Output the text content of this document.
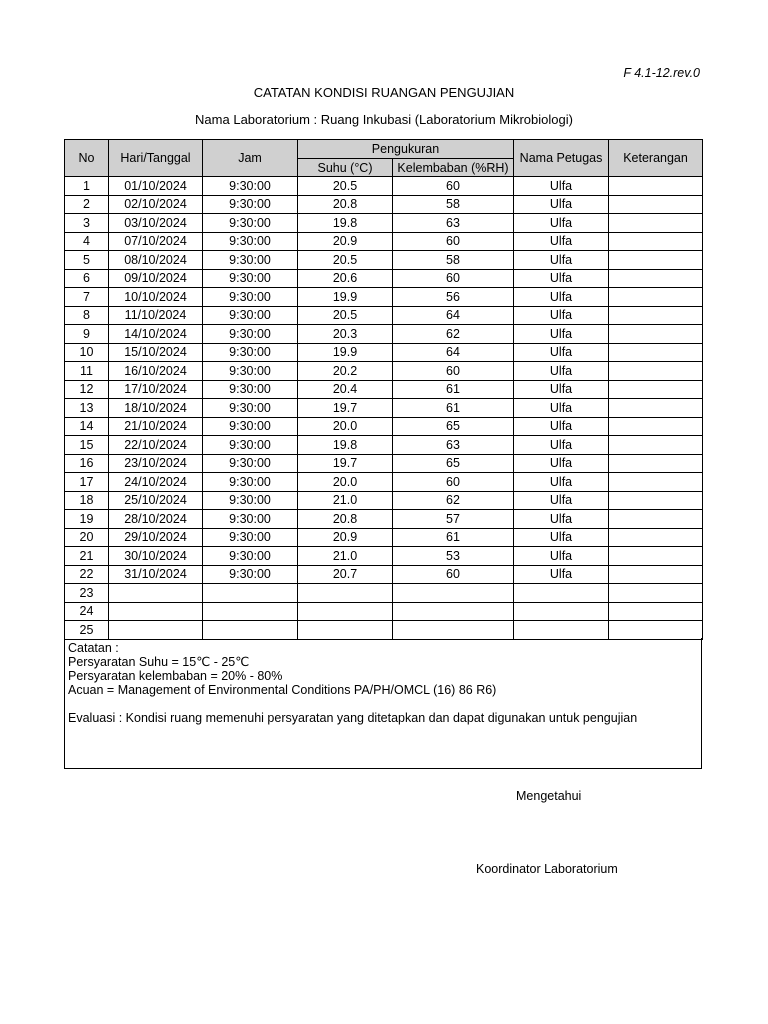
F 4.1-12.rev.0
CATATAN KONDISI RUANGAN PENGUJIAN
Nama Laboratorium : Ruang Inkubasi (Laboratorium Mikrobiologi)
No	Hari/Tanggal	Jam	Pengukuran		Nama Petugas	Keterangan
			Suhu (°C)	Kelembaban (%RH)		
1	01/10/2024	9:30:00	20.5	60	Ulfa	
2	02/10/2024	9:30:00	20.8	58	Ulfa	
3	03/10/2024	9:30:00	19.8	63	Ulfa	
4	07/10/2024	9:30:00	20.9	60	Ulfa	
5	08/10/2024	9:30:00	20.5	58	Ulfa	
6	09/10/2024	9:30:00	20.6	60	Ulfa	
7	10/10/2024	9:30:00	19.9	56	Ulfa	
8	11/10/2024	9:30:00	20.5	64	Ulfa	
9	14/10/2024	9:30:00	20.3	62	Ulfa	
10	15/10/2024	9:30:00	19.9	64	Ulfa	
11	16/10/2024	9:30:00	20.2	60	Ulfa	
12	17/10/2024	9:30:00	20.4	61	Ulfa	
13	18/10/2024	9:30:00	19.7	61	Ulfa	
14	21/10/2024	9:30:00	20.0	65	Ulfa	
15	22/10/2024	9:30:00	19.8	63	Ulfa	
16	23/10/2024	9:30:00	19.7	65	Ulfa	
17	24/10/2024	9:30:00	20.0	60	Ulfa	
18	25/10/2024	9:30:00	21.0	62	Ulfa	
19	28/10/2024	9:30:00	20.8	57	Ulfa	
20	29/10/2024	9:30:00	20.9	61	Ulfa	
21	30/10/2024	9:30:00	21.0	53	Ulfa	
22	31/10/2024	9:30:00	20.7	60	Ulfa	
23						
24						
25						
Catatan :
Persyaratan Suhu = 15℃ - 25℃
Persyaratan kelembaban = 20% - 80%
Acuan = Management of Environmental Conditions PA/PH/OMCL (16) 86 R6)
Evaluasi : Kondisi ruang memenuhi persyaratan yang ditetapkan dan dapat digunakan untuk pengujian
Mengetahui
Koordinator Laboratorium
